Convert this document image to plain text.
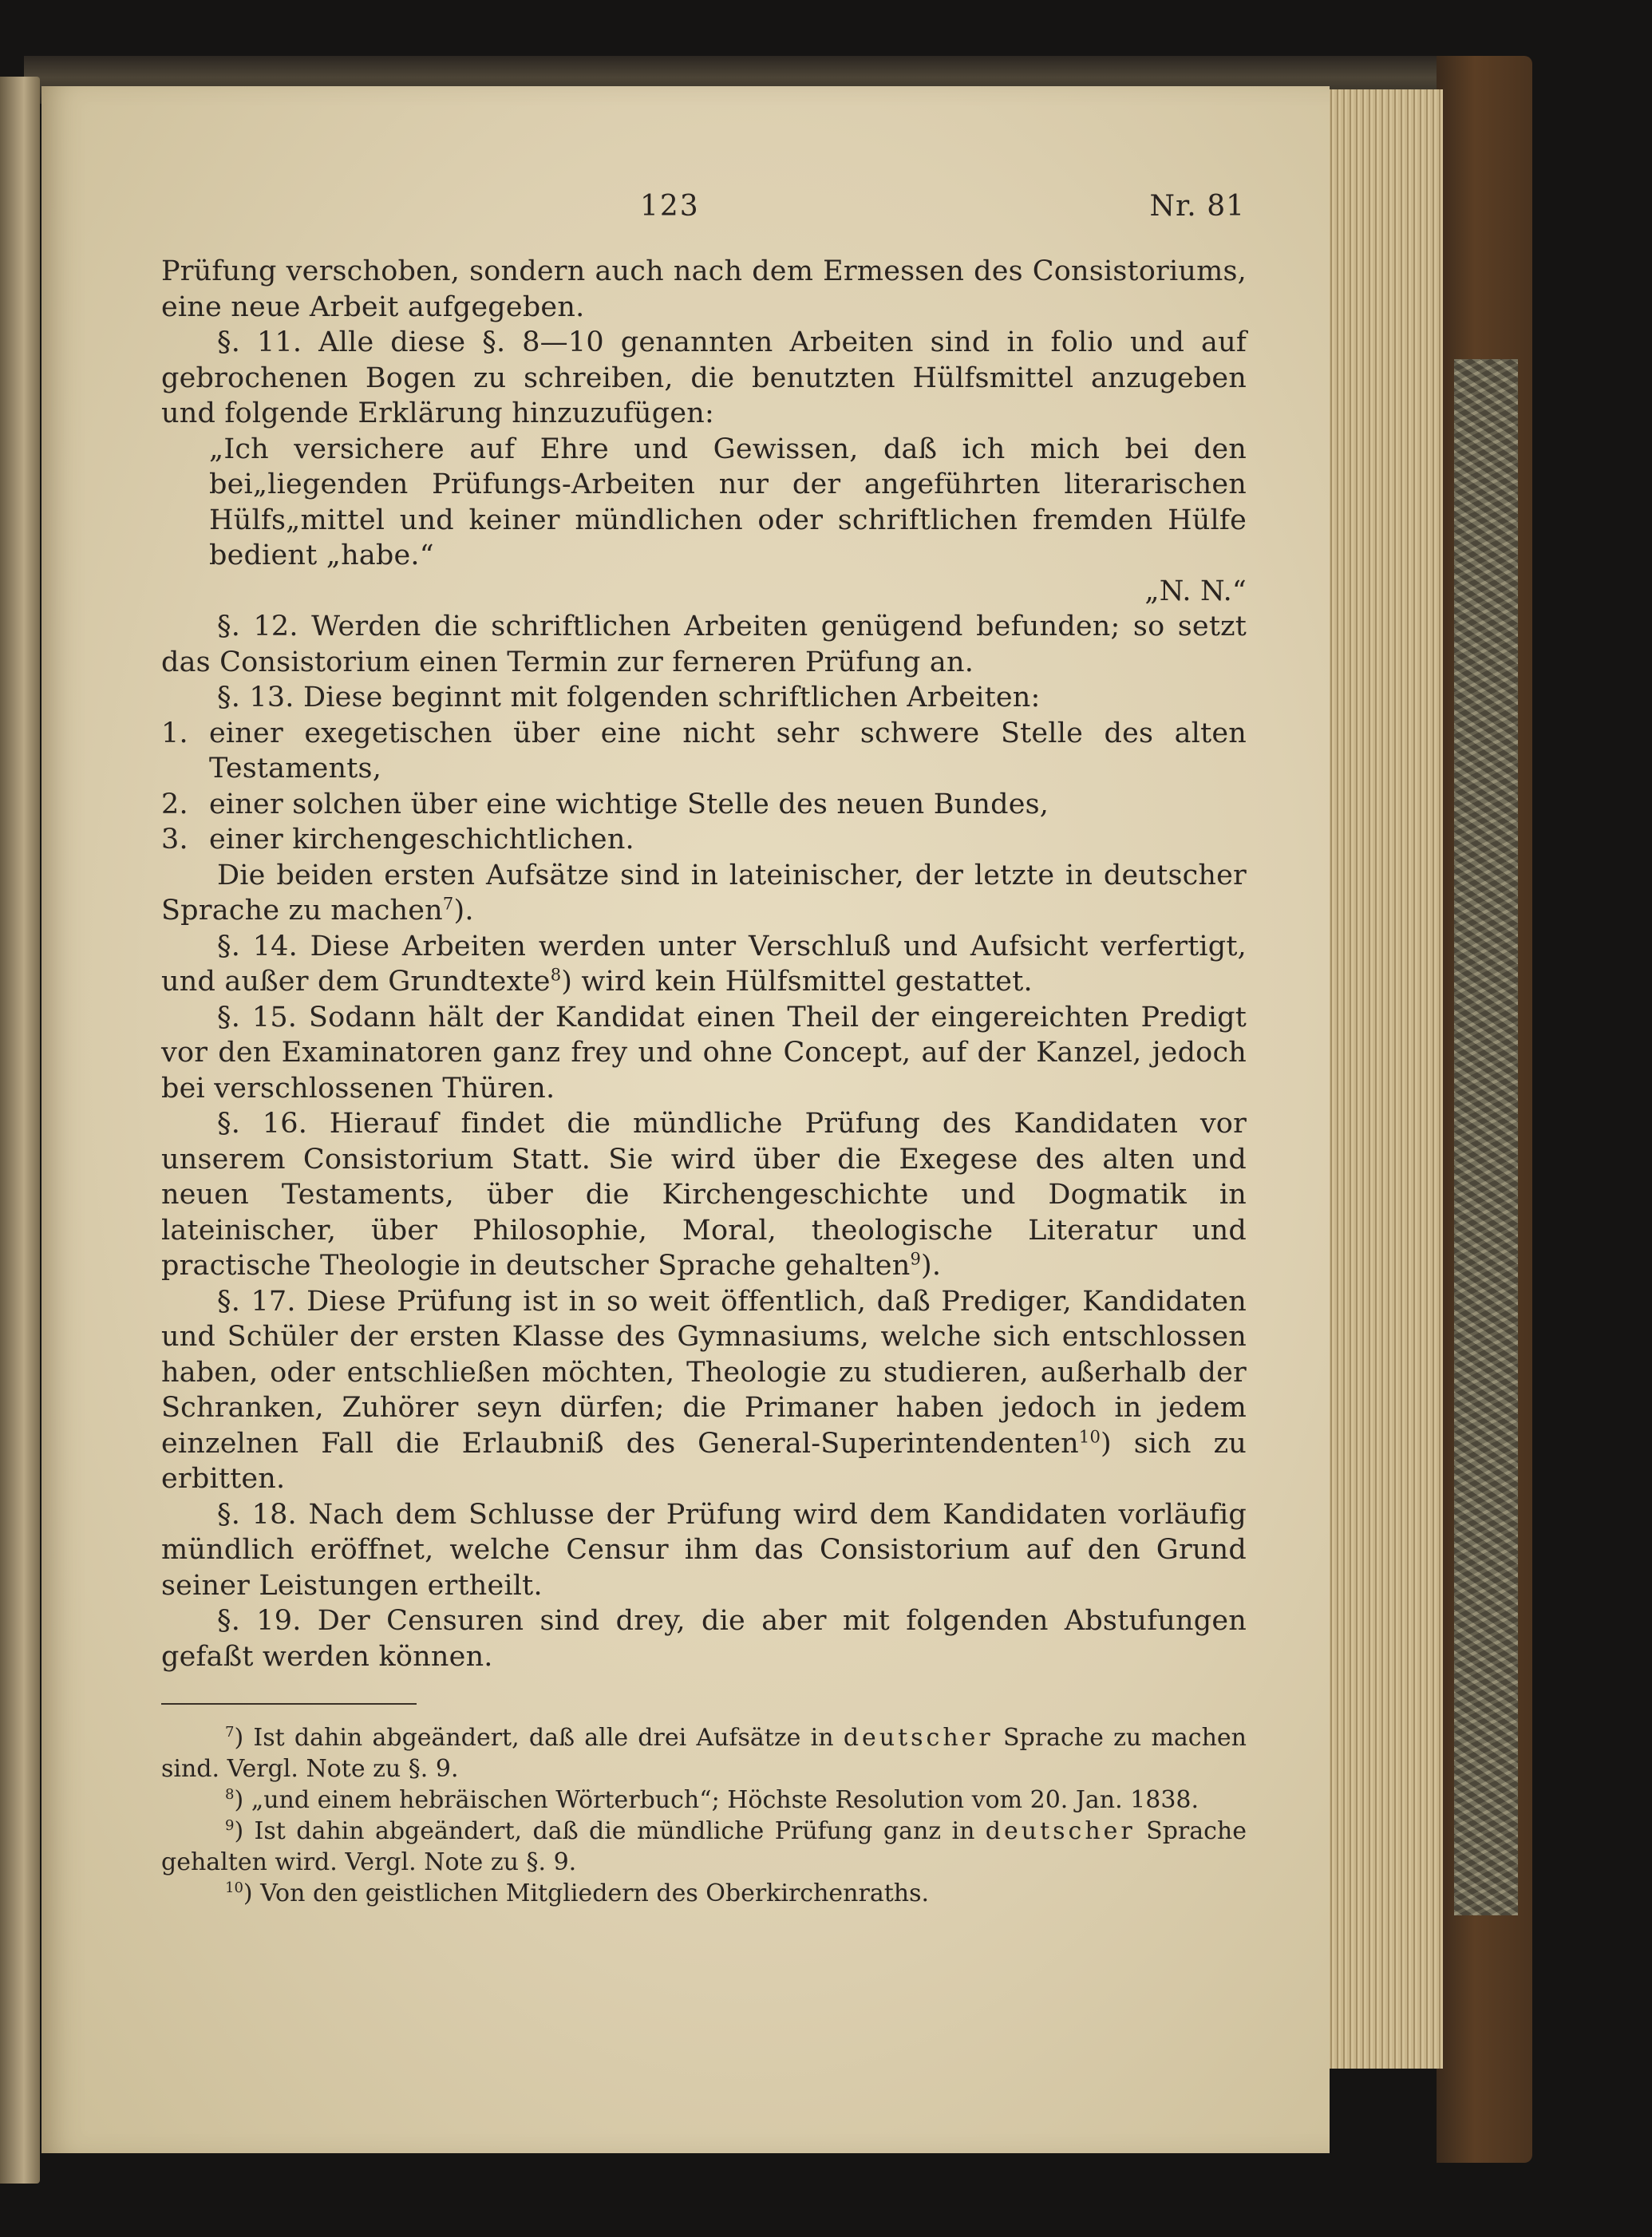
123	Nr. 81

Prüfung verschoben, sondern auch nach dem Ermessen des Consistoriums, eine neue Arbeit aufgegeben.

§. 11. Alle diese §. 8—10 genannten Arbeiten sind in folio und auf gebrochenen Bogen zu schreiben, die benutzten Hülfsmittel anzugeben und folgende Erklärung hinzuzufügen:

„Ich versichere auf Ehre und Gewissen, daß ich mich bei den bei„liegenden Prüfungs-Arbeiten nur der angeführten literarischen Hülfs„mittel und keiner mündlichen oder schriftlichen fremden Hülfe bedient „habe.“

„N. N.“

§. 12. Werden die schriftlichen Arbeiten genügend befunden; so setzt das Consistorium einen Termin zur ferneren Prüfung an.

§. 13. Diese beginnt mit folgenden schriftlichen Arbeiten:

1. einer exegetischen über eine nicht sehr schwere Stelle des alten Testaments,

2. einer solchen über eine wichtige Stelle des neuen Bundes,

3. einer kirchengeschichtlichen.

Die beiden ersten Aufsätze sind in lateinischer, der letzte in deutscher Sprache zu machen$^7$).

§. 14. Diese Arbeiten werden unter Verschluß und Aufsicht verfertigt, und außer dem Grundtexte$^8$) wird kein Hülfsmittel gestattet.

§. 15. Sodann hält der Kandidat einen Theil der eingereichten Predigt vor den Examinatoren ganz frey und ohne Concept, auf der Kanzel, jedoch bei verschlossenen Thüren.

§. 16. Hierauf findet die mündliche Prüfung des Kandidaten vor unserem Consistorium Statt. Sie wird über die Exegese des alten und neuen Testaments, über die Kirchengeschichte und Dogmatik in lateinischer, über Philosophie, Moral, theologische Literatur und practische Theologie in deutscher Sprache gehalten$^9$).

§. 17. Diese Prüfung ist in so weit öffentlich, daß Prediger, Kandidaten und Schüler der ersten Klasse des Gymnasiums, welche sich entschlossen haben, oder entschließen möchten, Theologie zu studieren, außerhalb der Schranken, Zuhörer seyn dürfen; die Primaner haben jedoch in jedem einzelnen Fall die Erlaubniß des General-Superintendenten$^{10}$) sich zu erbitten.

§. 18. Nach dem Schlusse der Prüfung wird dem Kandidaten vorläufig mündlich eröffnet, welche Censur ihm das Consistorium auf den Grund seiner Leistungen ertheilt.

§. 19. Der Censuren sind drey, die aber mit folgenden Abstufungen gefaßt werden können.

$^7$) Ist dahin abgeändert, daß alle drei Aufsätze in deutscher Sprache zu machen sind. Vergl. Note zu §. 9.

$^8$) „und einem hebräischen Wörterbuch“; Höchste Resolution vom 20. Jan. 1838.

$^9$) Ist dahin abgeändert, daß die mündliche Prüfung ganz in deutscher Sprache gehalten wird. Vergl. Note zu §. 9.

$^{10}$) Von den geistlichen Mitgliedern des Oberkirchenraths.
